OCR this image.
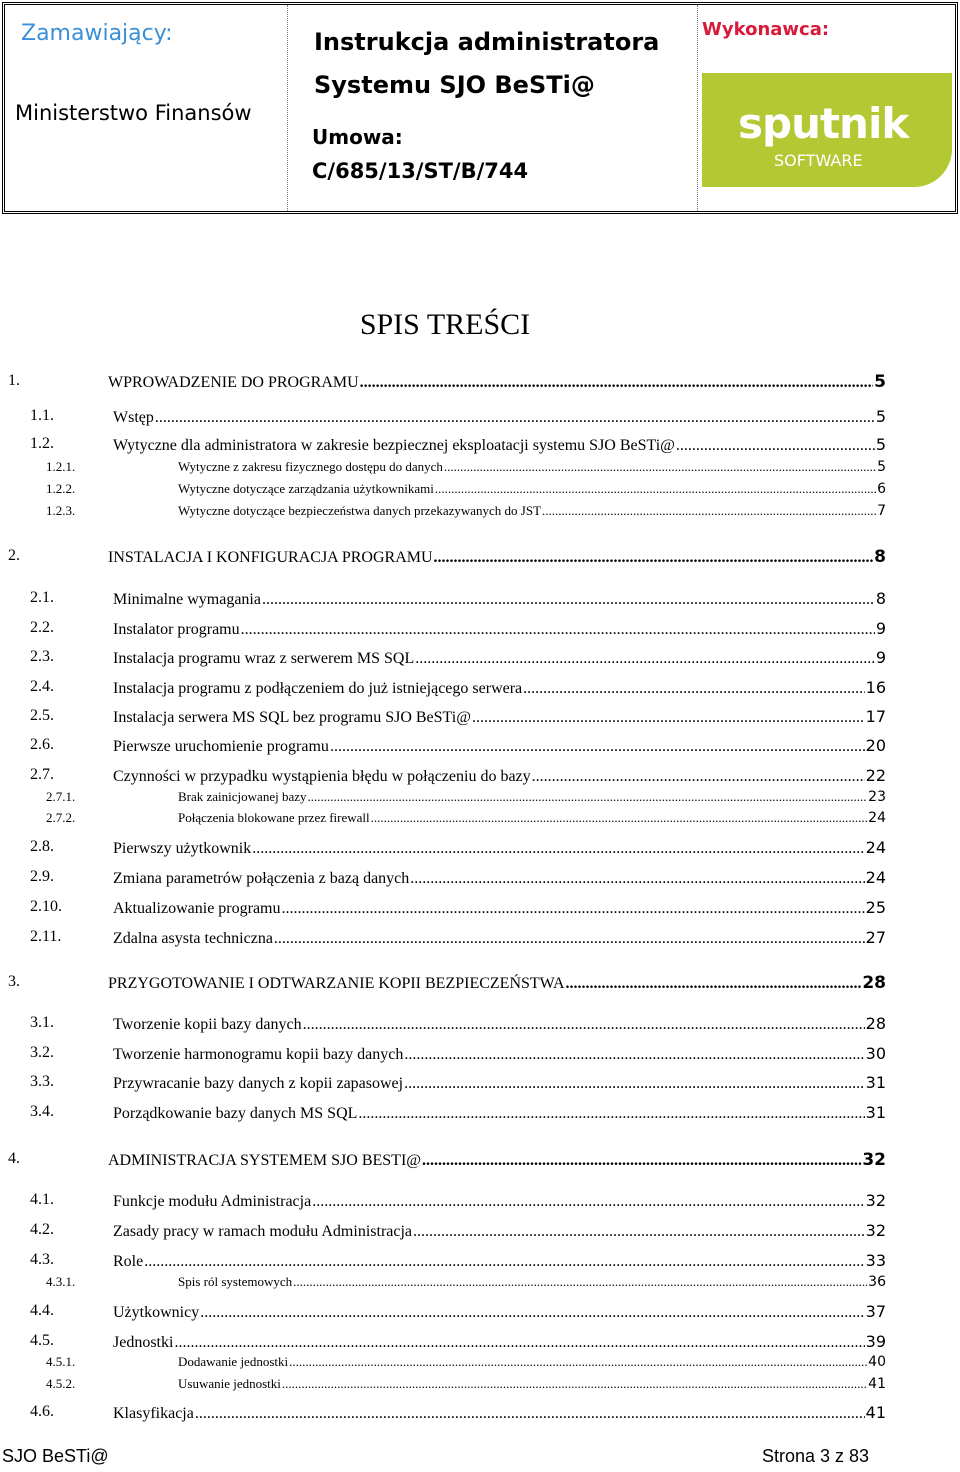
Zamawiający:
Ministerstwo Finansów
Instrukcja administratora
Systemu SJO BeSTi@
Umowa:
C/685/13/ST/B/744
Wykonawca:
sputnik
SOFTWARE
SPIS TREŚCI
1.	WPROWADZENIE DO PROGRAMU .....	5
1.1.	Wstęp .....	5
1.2.	Wytyczne dla administratora w zakresie bezpiecznej eksploatacji systemu SJO BeSTi@ .....	5
1.2.1.	Wytyczne z zakresu fizycznego dostępu do danych .....	5
1.2.2.	Wytyczne dotyczące zarządzania użytkownikami .....	6
1.2.3.	Wytyczne dotyczące bezpieczeństwa danych przekazywanych do JST .....	7
2.	INSTALACJA I KONFIGURACJA PROGRAMU .....	8
2.1.	Minimalne wymagania .....	8
2.2.	Instalator programu .....	9
2.3.	Instalacja programu wraz z serwerem MS SQL .....	9
2.4.	Instalacja programu z podłączeniem do już istniejącego serwera .....	16
2.5.	Instalacja serwera MS SQL bez programu SJO BeSTi@ .....	17
2.6.	Pierwsze uruchomienie programu .....	20
2.7.	Czynności w przypadku wystąpienia błędu w połączeniu do bazy .....	22
2.7.1.	Brak zainicjowanej bazy .....	23
2.7.2.	Połączenia blokowane przez firewall .....	24
2.8.	Pierwszy użytkownik .....	24
2.9.	Zmiana parametrów połączenia z bazą danych .....	24
2.10.	Aktualizowanie programu .....	25
2.11.	Zdalna asysta techniczna .....	27
3.	PRZYGOTOWANIE I ODTWARZANIE KOPII BEZPIECZEŃSTWA .....	28
3.1.	Tworzenie kopii bazy danych .....	28
3.2.	Tworzenie harmonogramu kopii bazy danych .....	30
3.3.	Przywracanie bazy danych z kopii zapasowej .....	31
3.4.	Porządkowanie bazy danych MS SQL .....	31
4.	ADMINISTRACJA SYSTEMEM SJO BESTI@ .....	32
4.1.	Funkcje modułu Administracja .....	32
4.2.	Zasady pracy w ramach modułu Administracja .....	32
4.3.	Role .....	33
4.3.1.	Spis ról systemowych .....	36
4.4.	Użytkownicy .....	37
4.5.	Jednostki .....	39
4.5.1.	Dodawanie jednostki .....	40
4.5.2.	Usuwanie jednostki .....	41
4.6.	Klasyfikacja .....	41
SJO BeSTi@	Strona 3 z 83
